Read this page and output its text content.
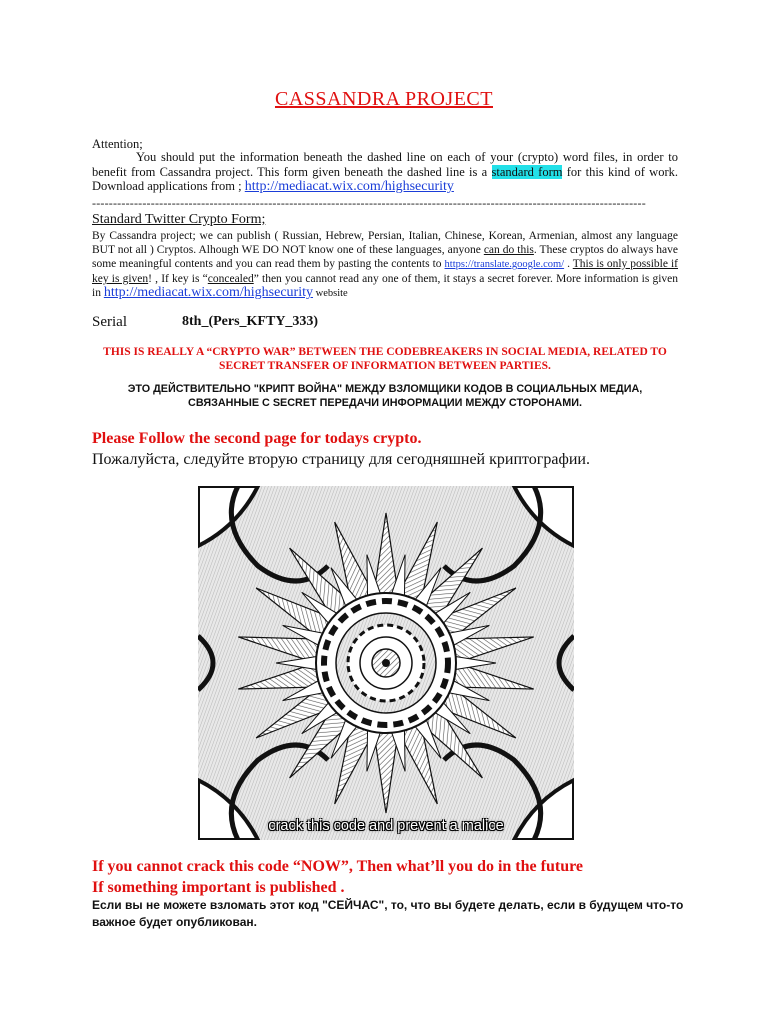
CASSANDRA PROJECT
Attention;
You should put the information beneath the dashed line on each of your (crypto) word files, in order to benefit from Cassandra project. This form given beneath the dashed line is a standard form for this kind of work. Download applications from ; http://mediacat.wix.com/highsecurity
------------------------------------------------------------------------------------------------------------------------------------
Standard Twitter Crypto Form;
By Cassandra project; we can publish ( Russian, Hebrew, Persian, Italian, Chinese, Korean, Armenian, almost any language BUT not all ) Cryptos. Alhough WE DO NOT know one of these languages, anyone can do this. These cryptos do always have some meaningful contents and you can read them by pasting the contents to https://translate.google.com/ . This is only possible if key is given! , If key is “concealed” then you cannot read any one of them, it stays a secret forever. More information is given in http://mediacat.wix.com/highsecurity website
Serial	8th_(Pers_KFTY_333)
THIS IS REALLY A “CRYPTO WAR” BETWEEN THE CODEBREAKERS IN SOCIAL MEDIA, RELATED TO SECRET TRANSFER OF INFORMATION BETWEEN PARTIES.
ЭТО ДЕЙСТВИТЕЛЬНО "КРИПТ ВОЙНА" МЕЖДУ ВЗЛОМЩИКИ КОДОВ В СОЦИАЛЬНЫХ МЕДИА, СВЯЗАННЫЕ С SECRET ПЕРЕДАЧИ ИНФОРМАЦИИ МЕЖДУ СТОРОНАМИ.
Please Follow the second page for todays crypto.
Пожалуйста, следуйте вторую страницу для сегодняшней криптографии.
crack this code and prevent a malice
If you cannot crack this code “NOW”, Then what’ll you do in the future
If something important is published .
Если вы не можете взломать этот код "СЕЙЧАС", то, что вы будете делать, если в будущем что-то важное будет опубликован.
